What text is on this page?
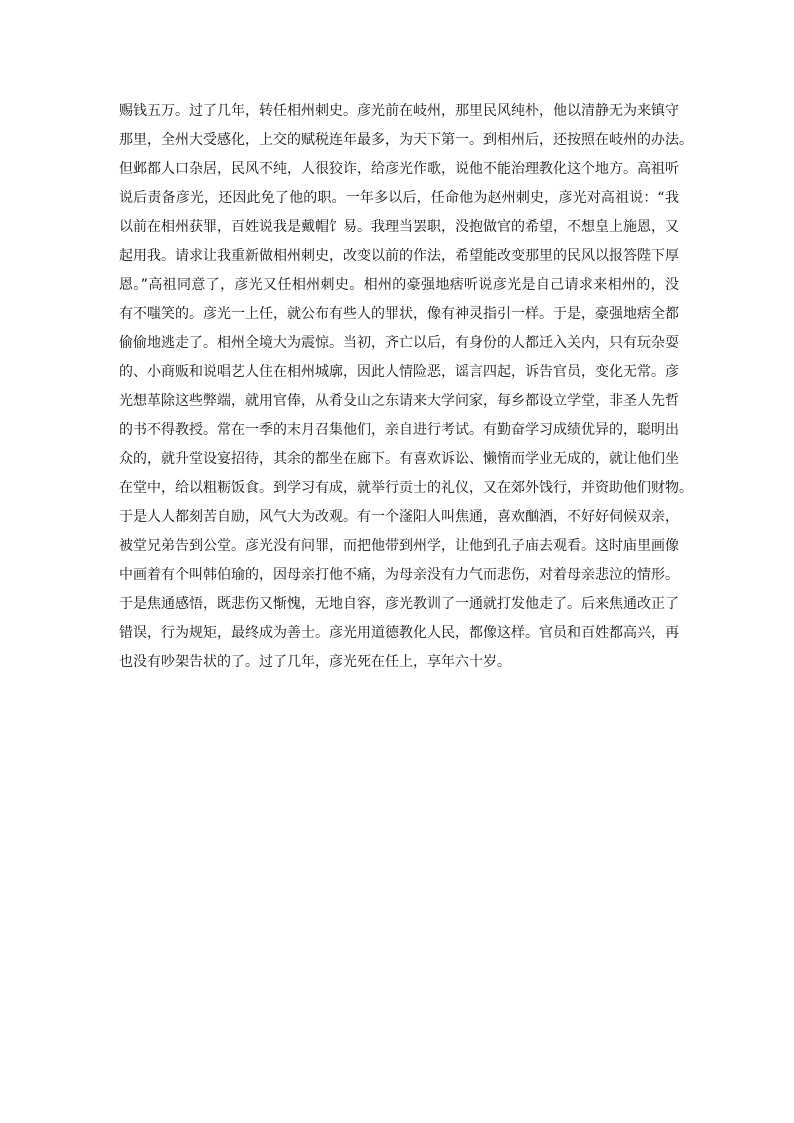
赐钱五万。过了几年，转任相州刺史。彦光前在岐州，那里民风纯朴，他以清静无为来镇守
那里，全州大受感化，上交的赋税连年最多，为天下第一。到相州后，还按照在岐州的办法。
但邺都人口杂居，民风不纯，人很狡诈，给彦光作歌，说他不能治理教化这个地方。高祖听
说后责备彦光，还因此免了他的职。一年多以后，任命他为赵州刺史，彦光对高祖说：“我
以前在相州获罪，百姓说我是戴帽饣易。我理当罢职，没抱做官的希望，不想皇上施恩，又
起用我。请求让我重新做相州刺史，改变以前的作法，希望能改变那里的民风以报答陛下厚
恩。”高祖同意了，彦光又任相州刺史。相州的豪强地痞听说彦光是自己请求来相州的，没
有不嗤笑的。彦光一上任，就公布有些人的罪状，像有神灵指引一样。于是，豪强地痞全都
偷偷地逃走了。相州全境大为震惊。当初，齐亡以后，有身份的人都迁入关内，只有玩杂耍
的、小商贩和说唱艺人住在相州城廓，因此人情险恶，谣言四起，诉告官员，变化无常。彦
光想革除这些弊端，就用官俸，从肴殳山之东请来大学问家，每乡都设立学堂，非圣人先哲
的书不得教授。常在一季的末月召集他们，亲自进行考试。有勤奋学习成绩优异的，聪明出
众的，就升堂设宴招待，其余的都坐在廊下。有喜欢诉讼、懒惰而学业无成的，就让他们坐
在堂中，给以粗粝饭食。到学习有成，就举行贡士的礼仪，又在郊外饯行，并资助他们财物。
于是人人都刻苦自励，风气大为改观。有一个滏阳人叫焦通，喜欢酗酒，不好好伺候双亲，
被堂兄弟告到公堂。彦光没有问罪，而把他带到州学，让他到孔子庙去观看。这时庙里画像
中画着有个叫韩伯瑜的，因母亲打他不痛，为母亲没有力气而悲伤，对着母亲悲泣的情形。
于是焦通感悟，既悲伤又惭愧，无地自容，彦光教训了一通就打发他走了。后来焦通改正了
错误，行为规矩，最终成为善士。彦光用道德教化人民，都像这样。官员和百姓都高兴，再
也没有吵架告状的了。过了几年，彦光死在任上，享年六十岁。
